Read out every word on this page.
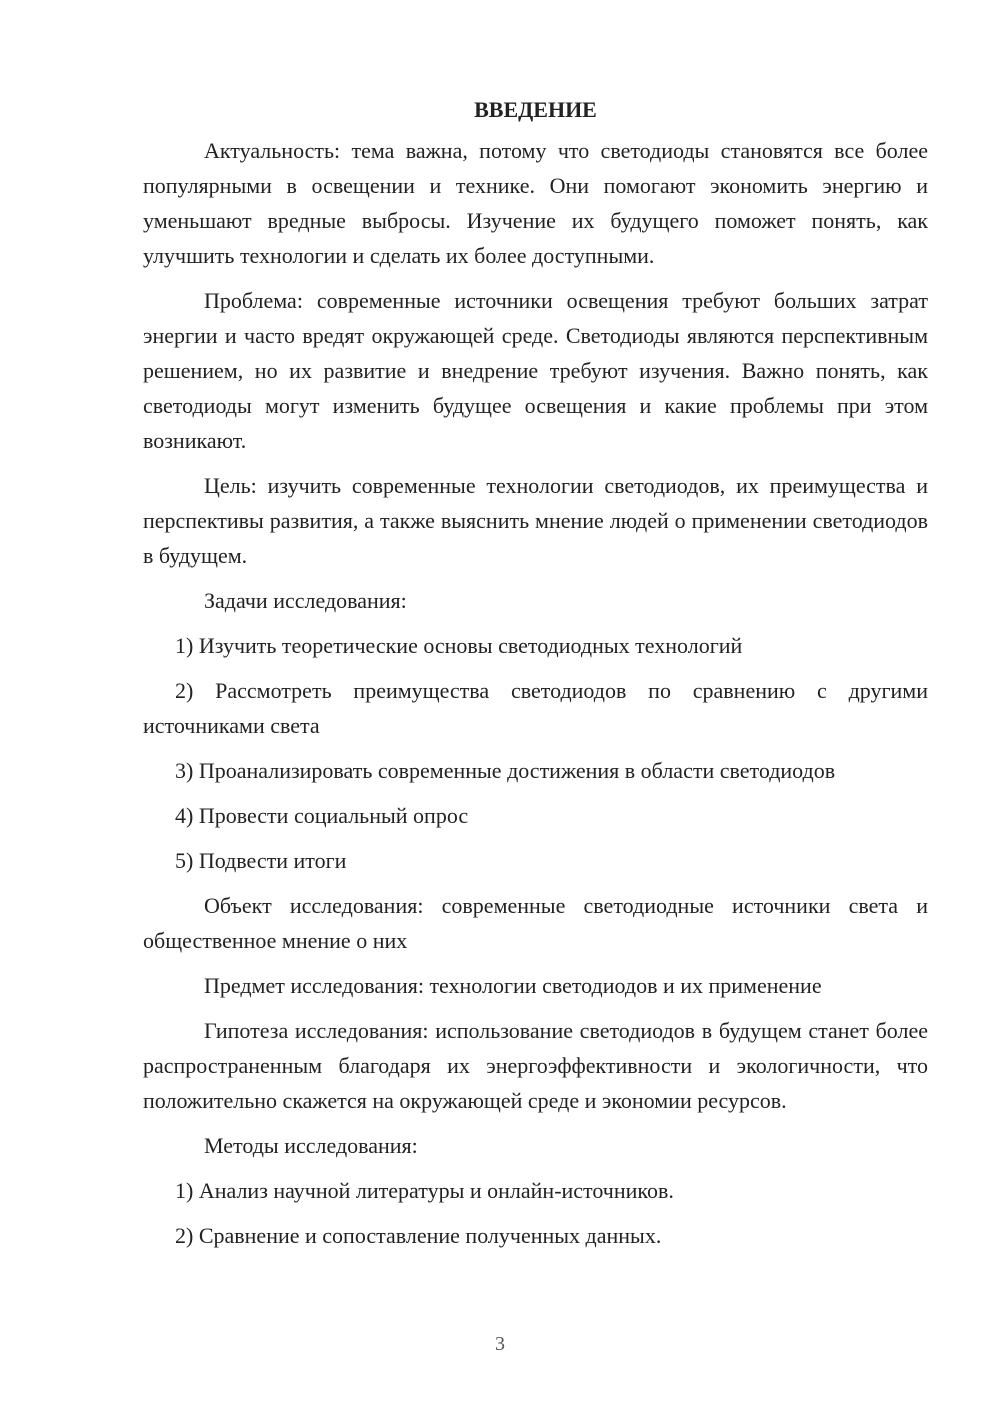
ВВЕДЕНИЕ

Актуальность: тема важна, потому что светодиоды становятся все более популярными в освещении и технике. Они помогают экономить энергию и уменьшают вредные выбросы. Изучение их будущего поможет понять, как улучшить технологии и сделать их более доступными.

Проблема: современные источники освещения требуют больших затрат энергии и часто вредят окружающей среде. Светодиоды являются перспективным решением, но их развитие и внедрение требуют изучения. Важно понять, как светодиоды могут изменить будущее освещения и какие проблемы при этом возникают.

Цель: изучить современные технологии светодиодов, их преимущества и перспективы развития, а также выяснить мнение людей о применении светодиодов в будущем.

Задачи исследования:

1) Изучить теоретические основы светодиодных технологий

2) Рассмотреть преимущества светодиодов по сравнению с другими источниками света

3) Проанализировать современные достижения в области светодиодов

4) Провести социальный опрос

5) Подвести итоги

Объект исследования: современные светодиодные источники света и общественное мнение о них

Предмет исследования: технологии светодиодов и их применение

Гипотеза исследования: использование светодиодов в будущем станет более распространенным благодаря их энергоэффективности и экологичности, что положительно скажется на окружающей среде и экономии ресурсов.

Методы исследования:

1) Анализ научной литературы и онлайн-источников.

2) Сравнение и сопоставление полученных данных.

3
